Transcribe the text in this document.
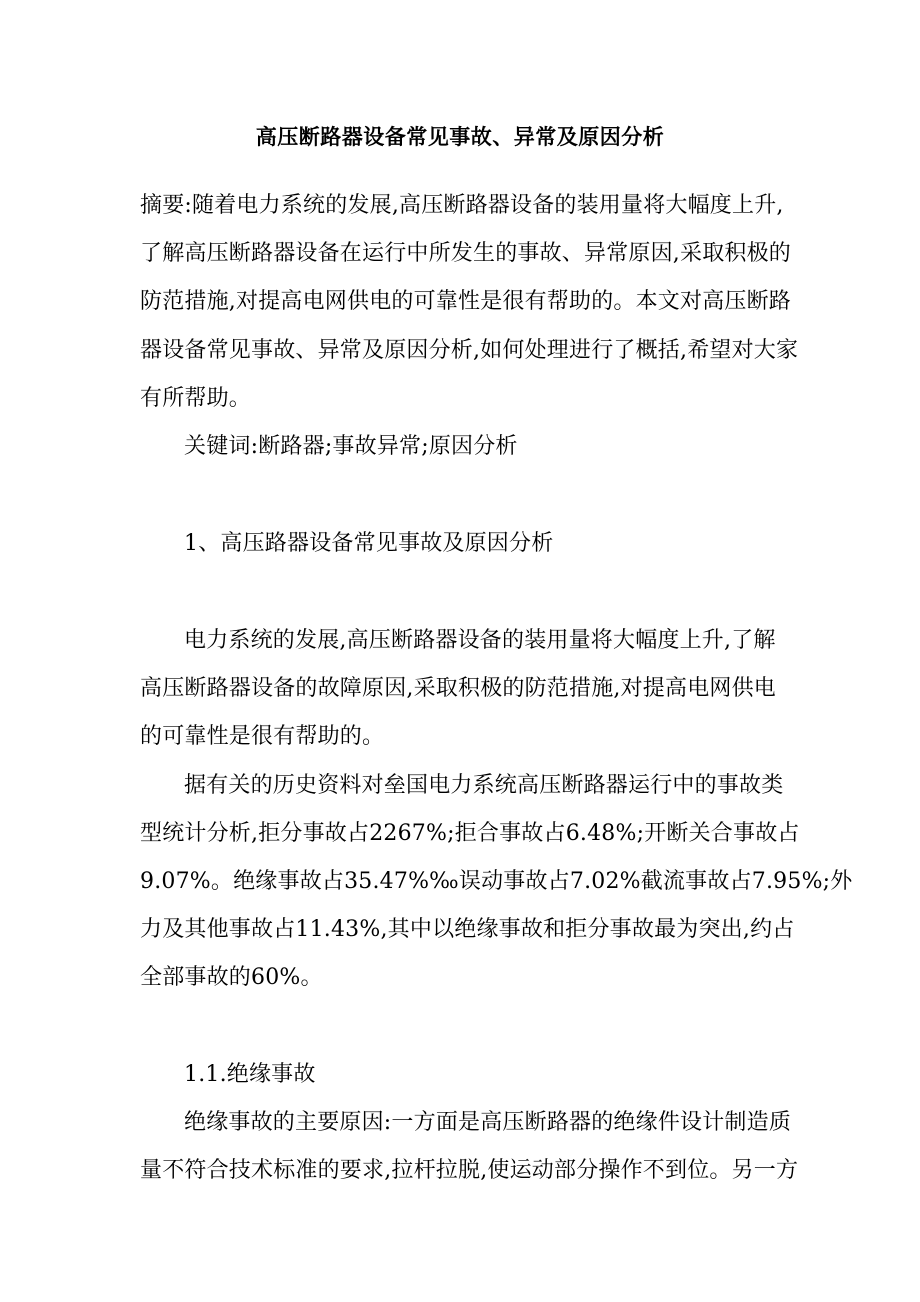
高压断路器设备常见事故、异常及原因分析
摘要:随着电力系统的发展,高压断路器设备的装用量将大幅度上升,
了解高压断路器设备在运行中所发生的事故、异常原因,采取积极的
防范措施,对提高电网供电的可靠性是很有帮助的。本文对高压断路
器设备常见事故、异常及原因分析,如何处理进行了概括,希望对大家
有所帮助。
关键词:断路器;事故异常;原因分析
1、高压路器设备常见事故及原因分析
电力系统的发展,高压断路器设备的装用量将大幅度上升,了解
高压断路器设备的故障原因,采取积极的防范措施,对提高电网供电
的可靠性是很有帮助的。
据有关的历史资料对垒国电力系统高压断路器运行中的事故类
型统计分析,拒分事故占2267%;拒合事故占6.48%;开断关合事故占
9.07%。绝缘事故占35.47%‰误动事故占7.02%截流事故占7.95%;外
力及其他事故占11.43%,其中以绝缘事故和拒分事故最为突出,约占
全部事故的60%。
1.1.绝缘事故
绝缘事故的主要原因:一方面是高压断路器的绝缘件设计制造质
量不符合技术标准的要求,拉杆拉脱,使运动部分操作不到位。另一方
